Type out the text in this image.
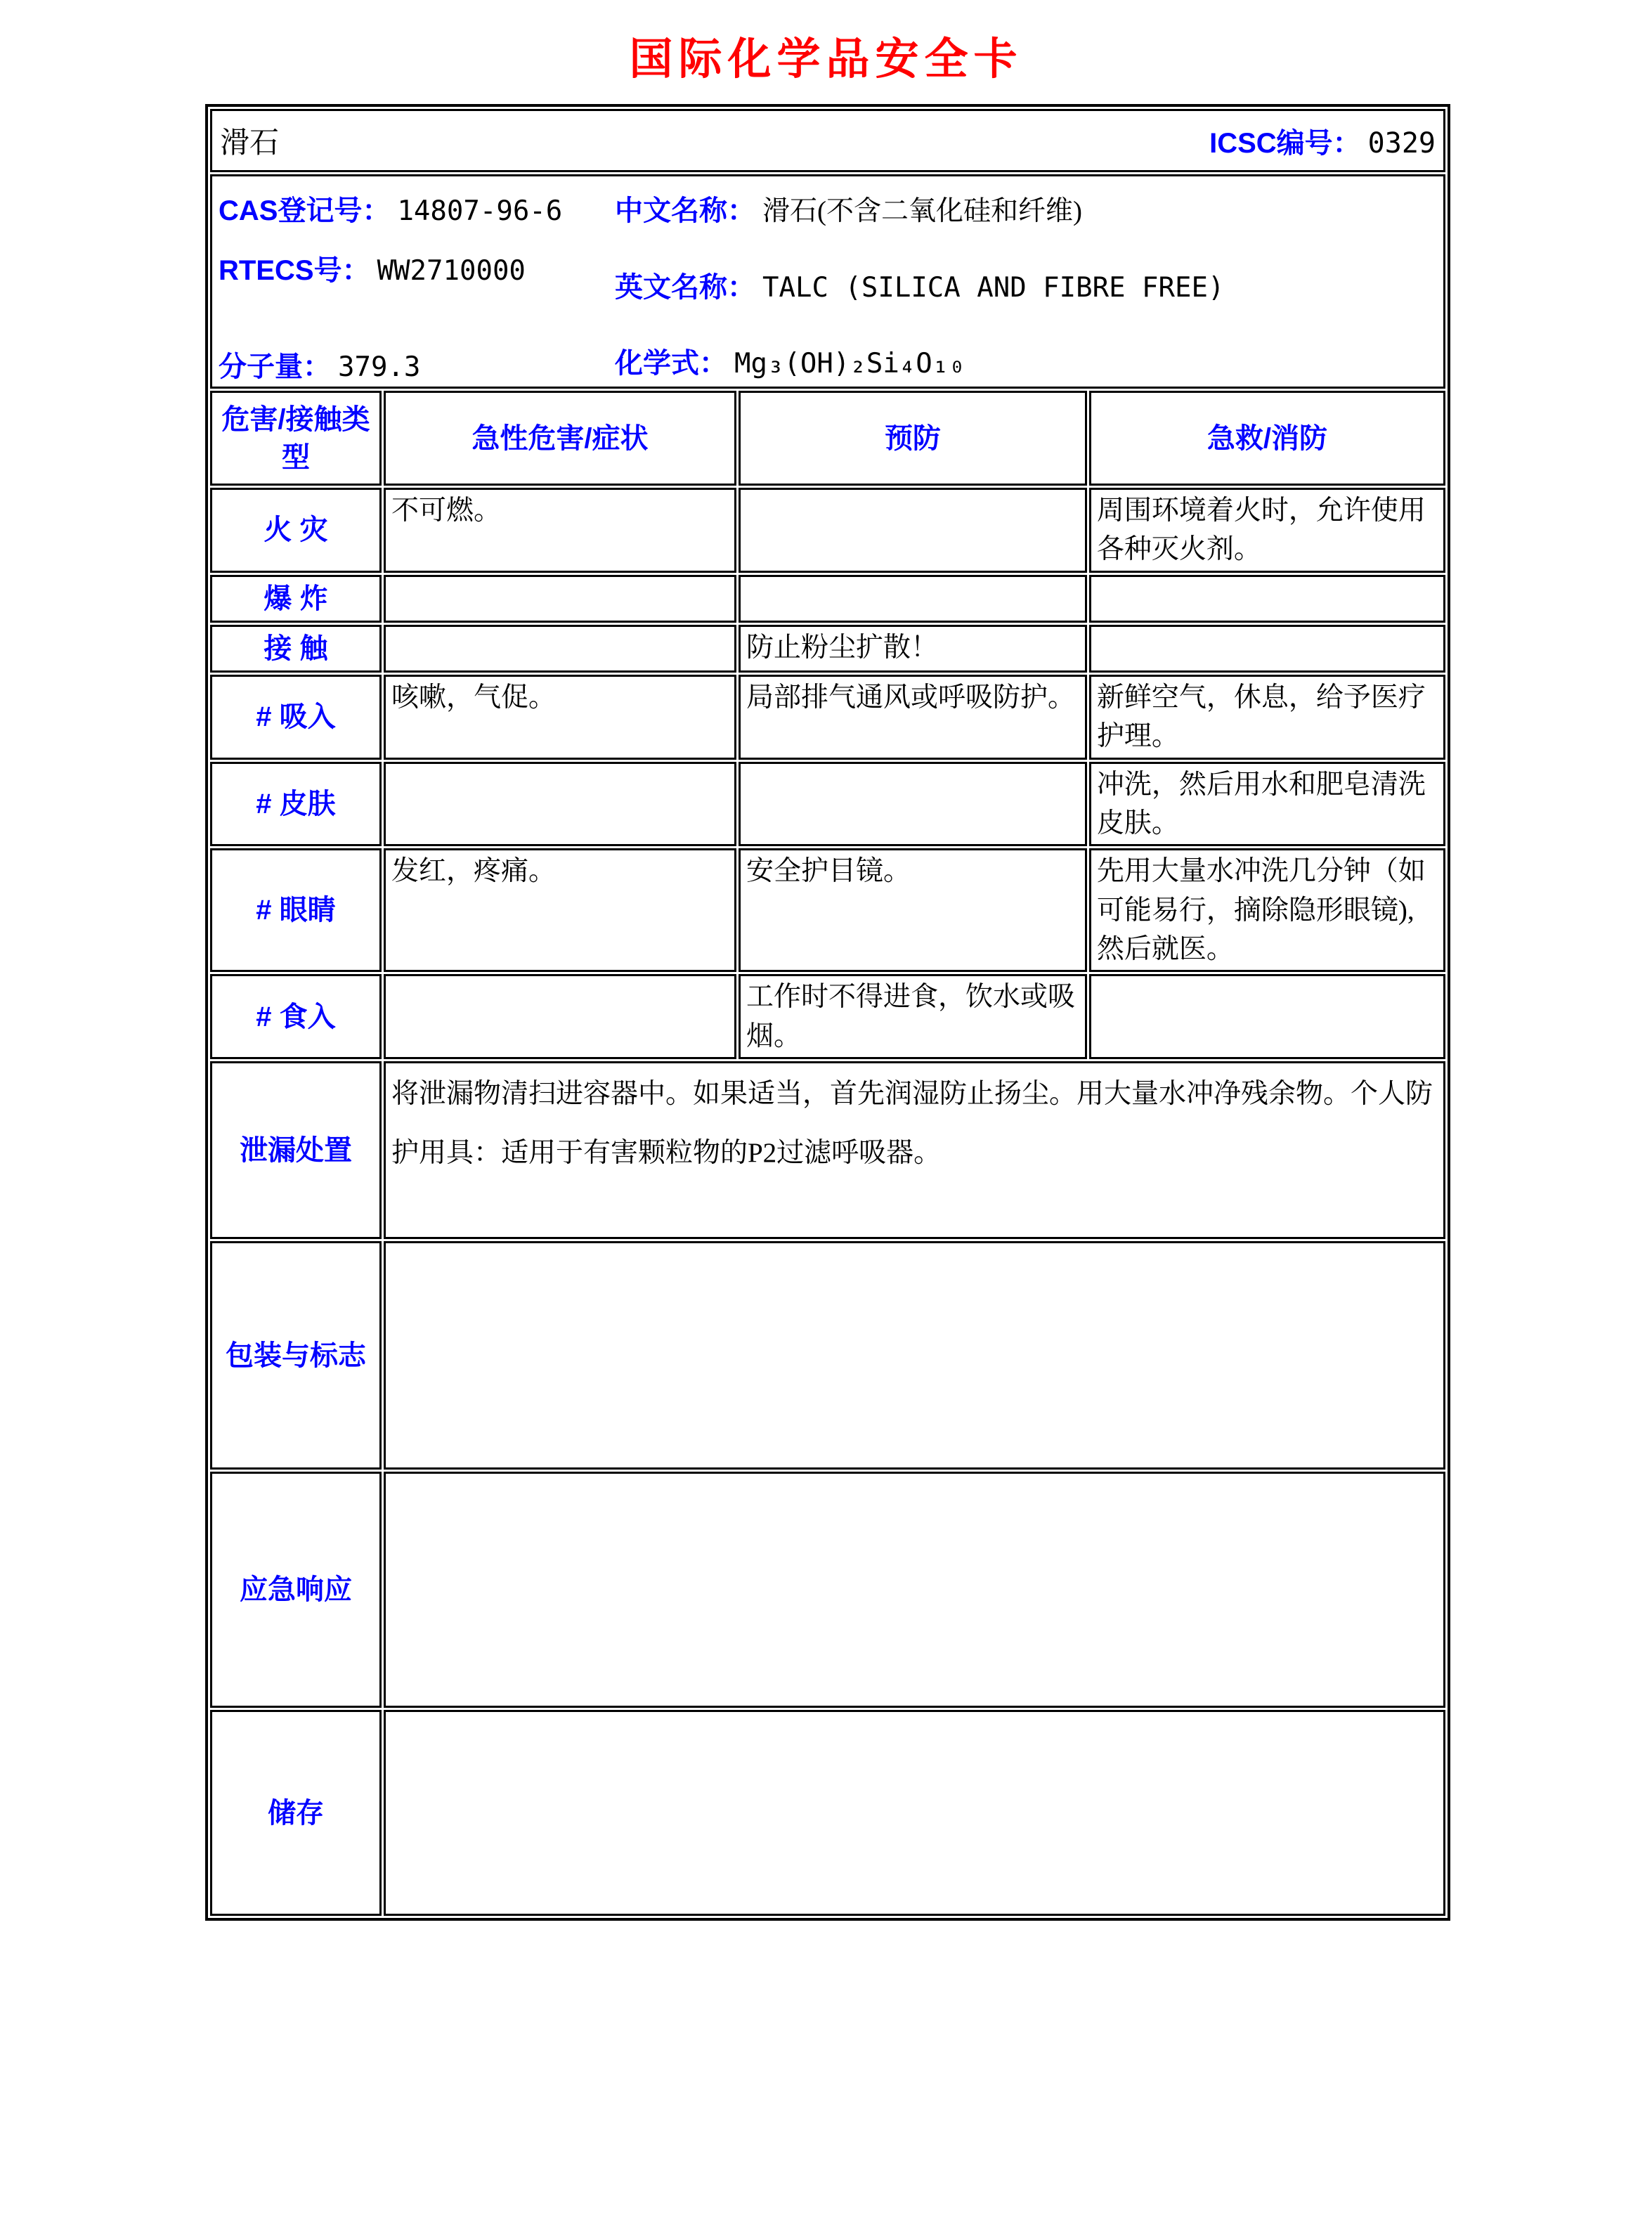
国际化学品安全卡
滑石 ICSC编号： 0329			

CAS登记号： 14807-96-6
RTECS号： WW2710000
分子量： 379.3
中文名称： 滑石(不含二氧化硅和纤维)
英文名称： TALC (SILICA AND FIBRE FREE)
化学式： Mg₃(OH)₂Si₄O₁₀

危害/接触类型	急性危害/症状	预防	急救/消防
火 灾	不可燃。		周围环境着火时，允许使用各种灭火剂。
爆 炸			
接 触		防止粉尘扩散！	
# 吸入	咳嗽，气促。	局部排气通风或呼吸防护。	新鲜空气，休息，给予医疗护理。
# 皮肤			冲洗，然后用水和肥皂清洗皮肤。
# 眼睛	发红，疼痛。	安全护目镜。	先用大量水冲洗几分钟（如可能易行，摘除隐形眼镜),然后就医。
# 食入		工作时不得进食，饮水或吸烟。	
泄漏处置	将泄漏物清扫进容器中。如果适当，首先润湿防止扬尘。用大量水冲净残余物。个人防护用具：适用于有害颗粒物的P2过滤呼吸器。		
包装与标志			
应急响应			
储存			
